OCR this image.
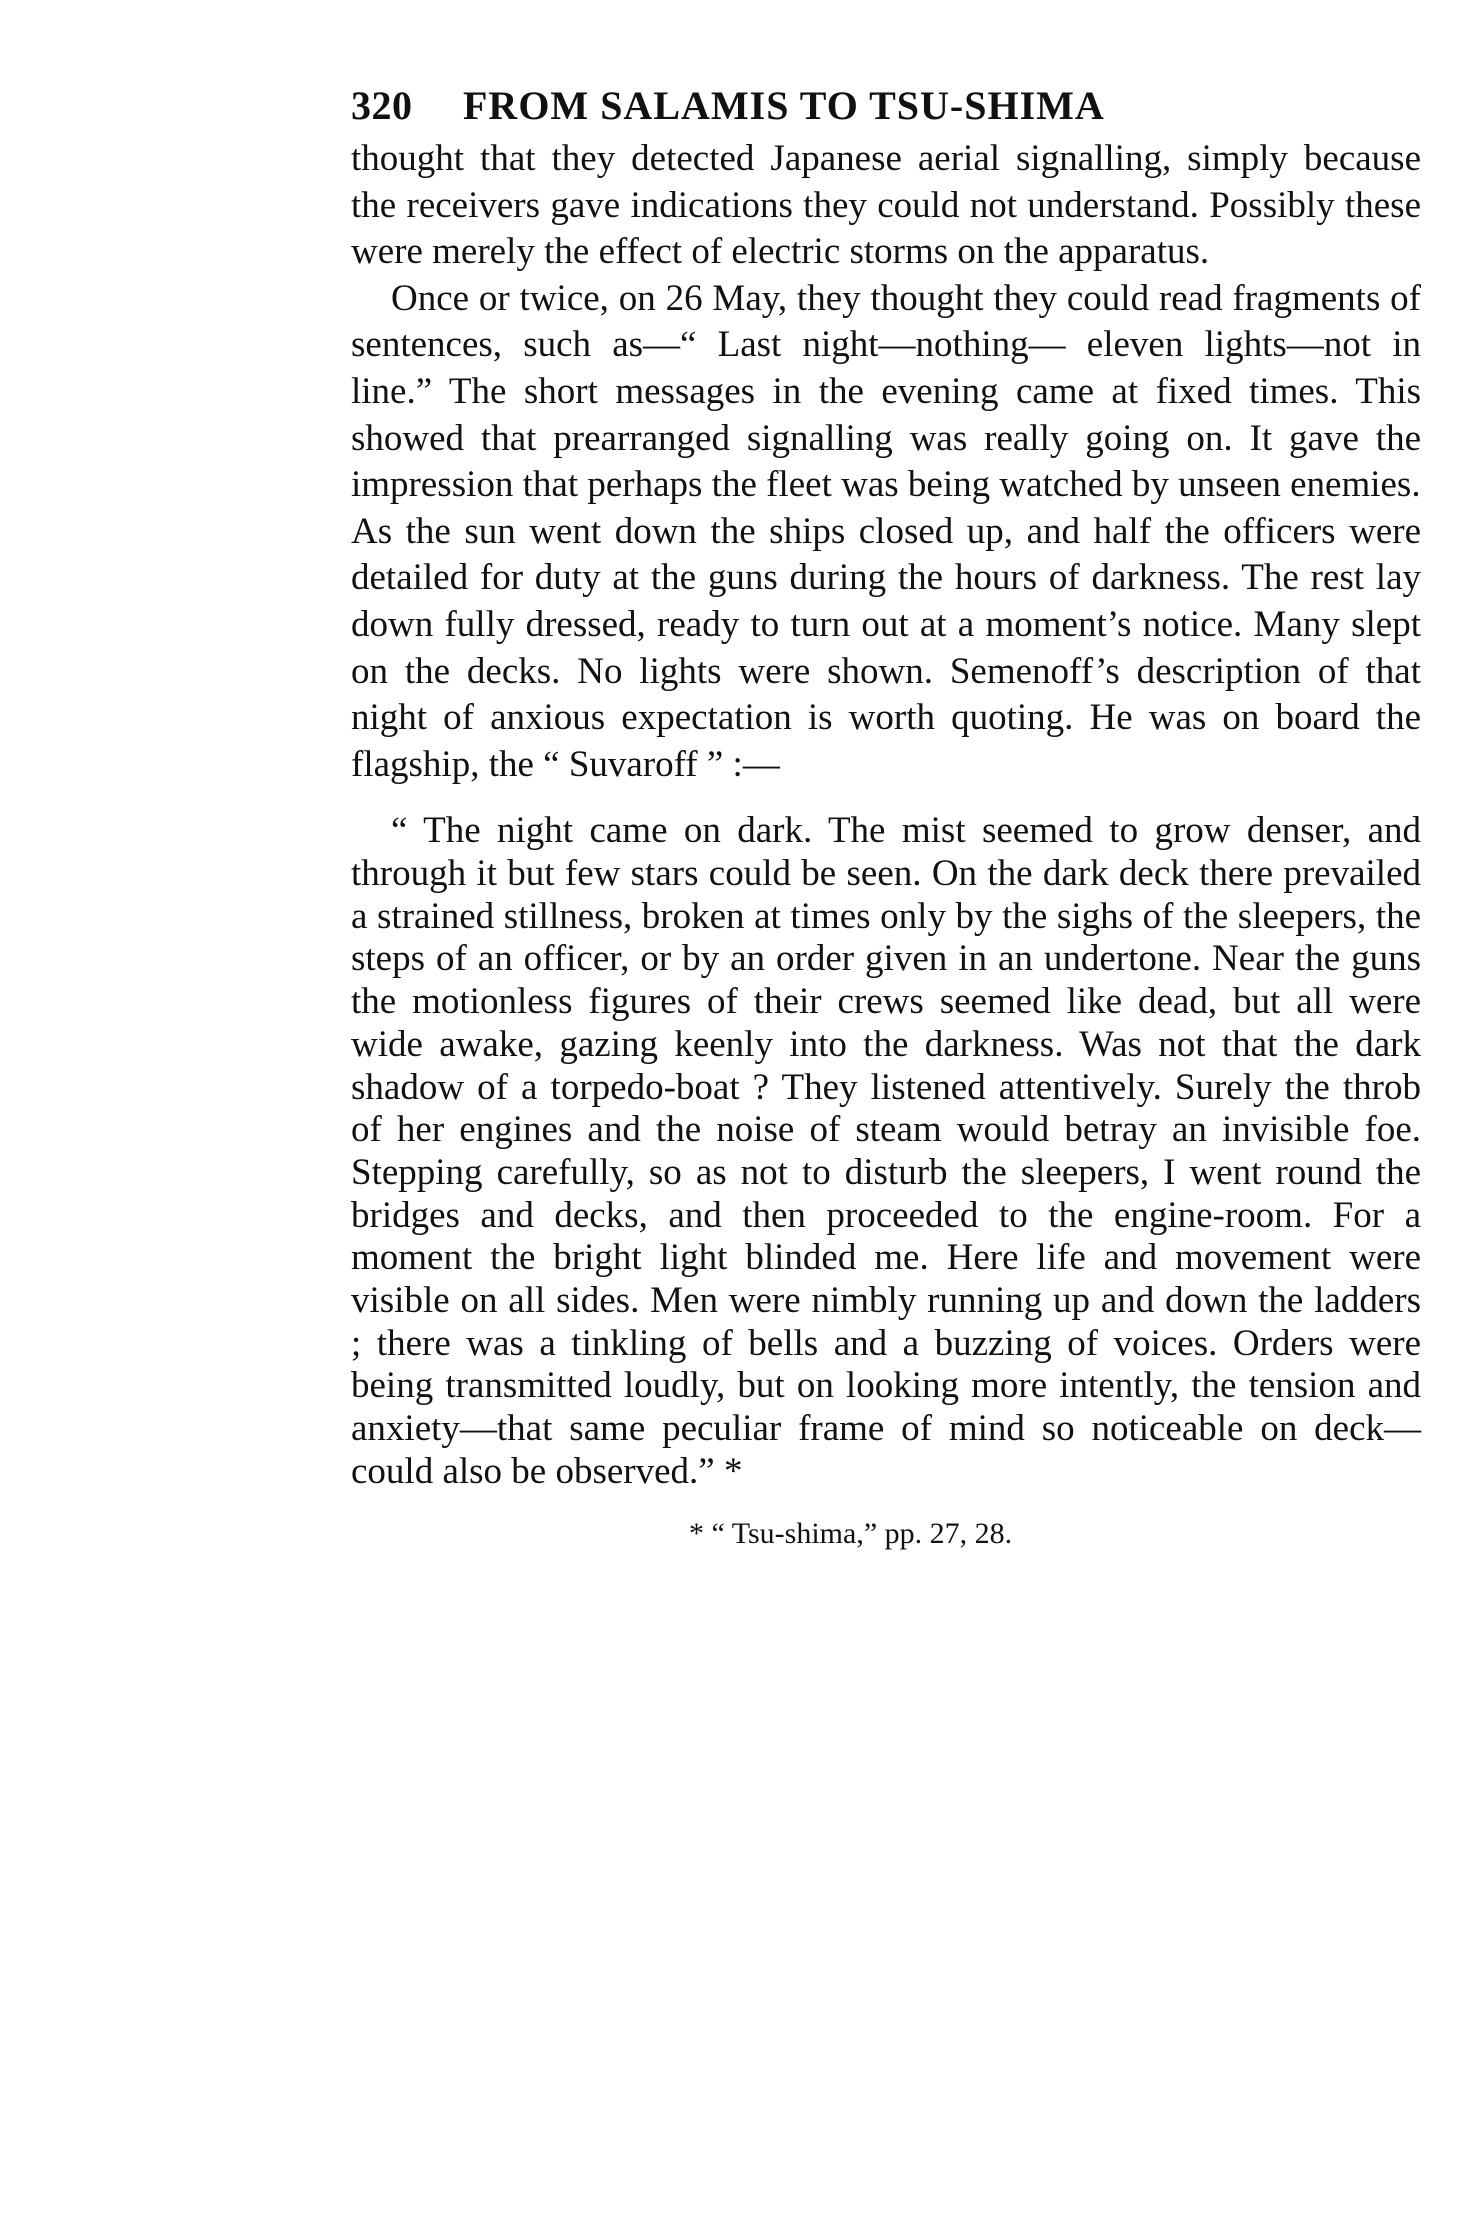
320	FROM SALAMIS TO TSU-SHIMA

thought that they detected Japanese aerial signalling, simply because the receivers gave indications they could not understand. Possibly these were merely the effect of electric storms on the apparatus.

Once or twice, on 26 May, they thought they could read fragments of sentences, such as—“ Last night—nothing— eleven lights—not in line.” The short messages in the evening came at fixed times. This showed that prearranged signalling was really going on. It gave the impression that perhaps the fleet was being watched by unseen enemies.

As the sun went down the ships closed up, and half the officers were detailed for duty at the guns during the hours of darkness. The rest lay down fully dressed, ready to turn out at a moment’s notice. Many slept on the decks. No lights were shown. Semenoff’s description of that night of anxious expectation is worth quoting. He was on board the flagship, the “ Suvaroff ” :—

“ The night came on dark. The mist seemed to grow denser, and through it but few stars could be seen. On the dark deck there prevailed a strained stillness, broken at times only by the sighs of the sleepers, the steps of an officer, or by an order given in an undertone. Near the guns the motionless figures of their crews seemed like dead, but all were wide awake, gazing keenly into the darkness. Was not that the dark shadow of a torpedo-boat ? They listened attentively. Surely the throb of her engines and the noise of steam would betray an invisible foe. Stepping carefully, so as not to disturb the sleepers, I went round the bridges and decks, and then proceeded to the engine-room. For a moment the bright light blinded me. Here life and movement were visible on all sides. Men were nimbly running up and down the ladders ; there was a tinkling of bells and a buzzing of voices. Orders were being transmitted loudly, but on looking more intently, the tension and anxiety—that same peculiar frame of mind so noticeable on deck—could also be observed.” *

* “ Tsu-shima,” pp. 27, 28.
